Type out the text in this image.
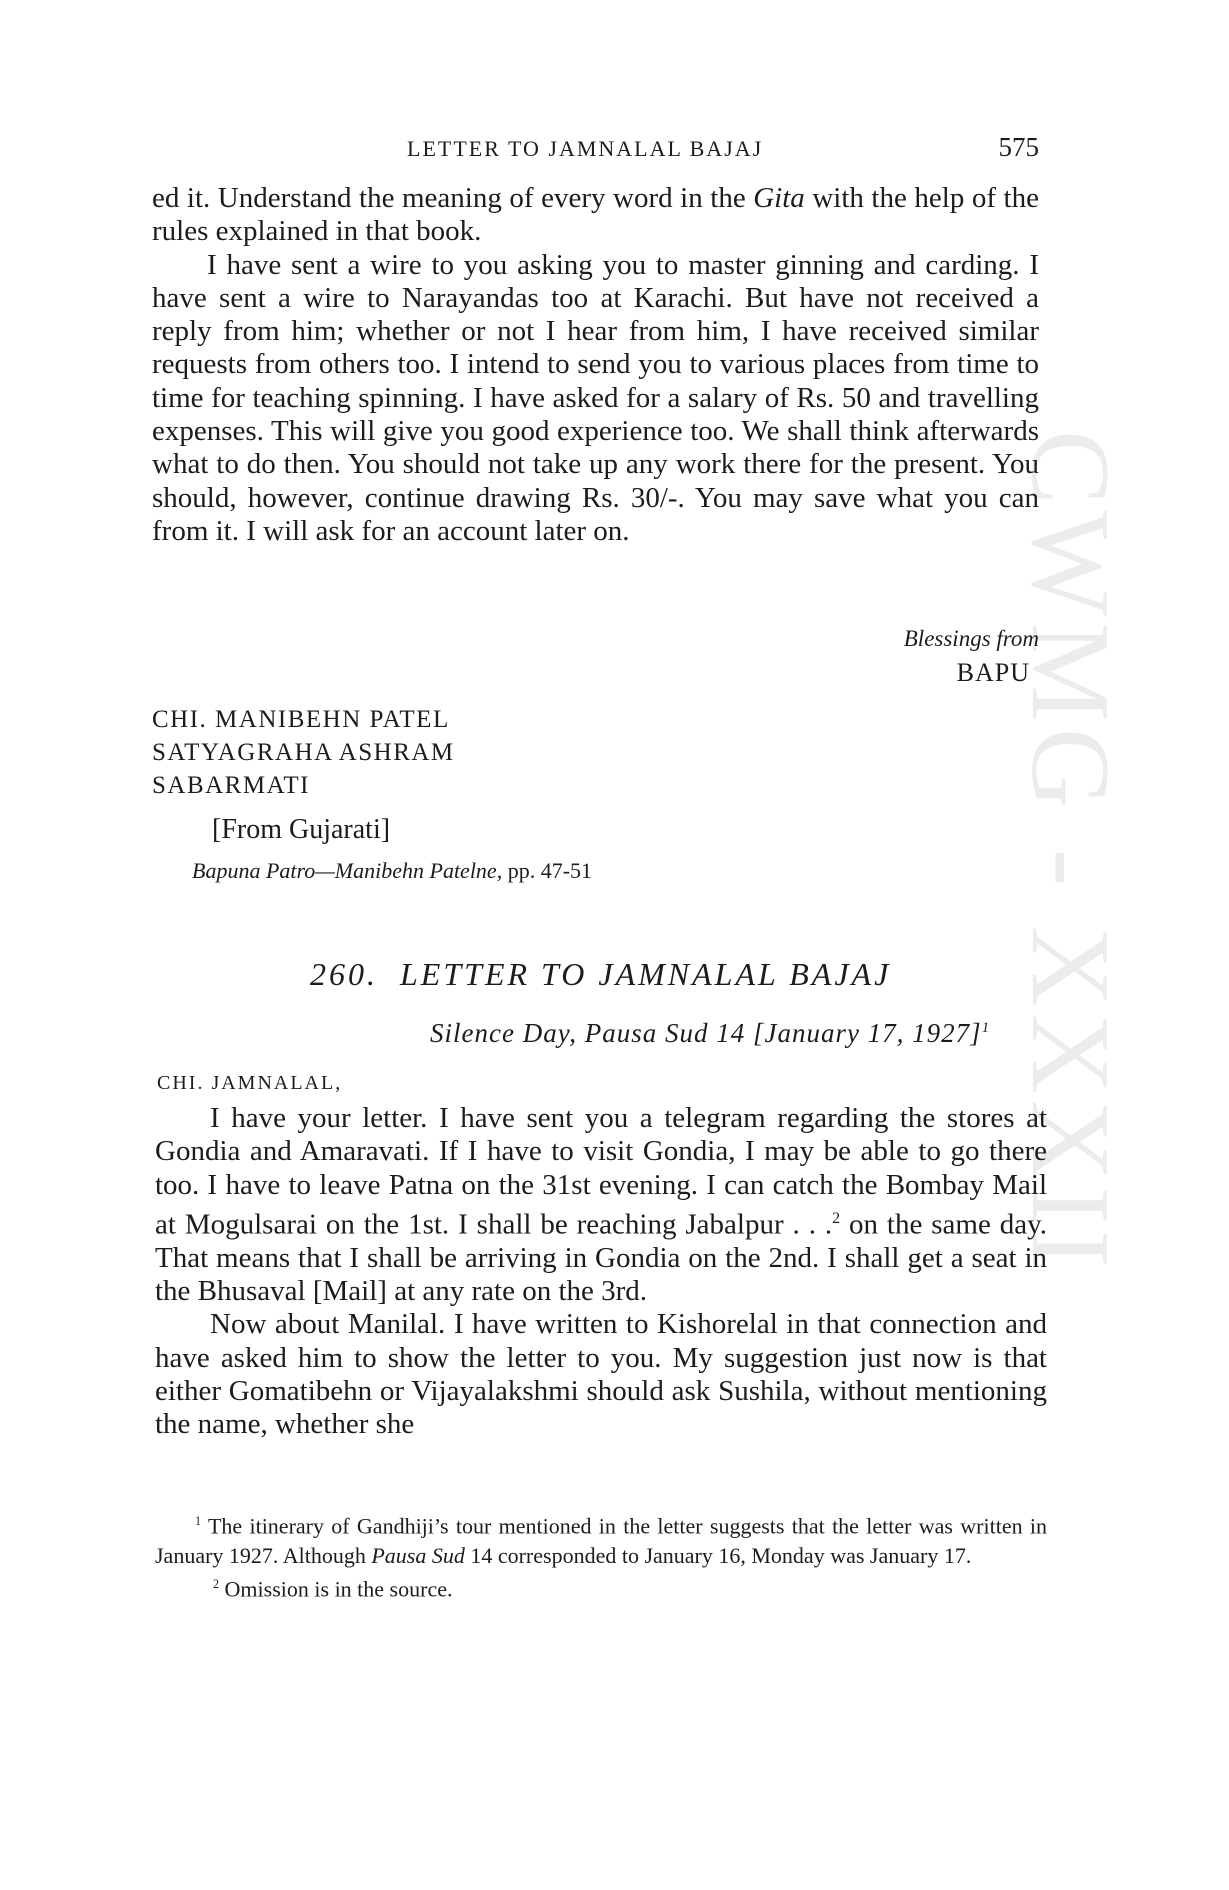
CWMG - XXXII
LETTER TO JAMNALAL BAJAJ	575

ed it. Understand the meaning of every word in the Gita with the help of the rules explained in that book.

I have sent a wire to you asking you to master ginning and carding. I have sent a wire to Narayandas too at Karachi. But have not received a reply from him; whether or not I hear from him, I have received similar requests from others too. I intend to send you to various places from time to time for teaching spinning. I have asked for a salary of Rs. 50 and travelling expenses. This will give you good experience too. We shall think afterwards what to do then. You should not take up any work there for the present. You should, however, continue drawing Rs. 30/-. You may save what you can from it. I will ask for an account later on.

Blessings from
BAPU
CHI. MANIBEHN PATEL
SATYAGRAHA ASHRAM
SABARMATI
[From Gujarati]
Bapuna Patro—Manibehn Patelne, pp. 47-51
260. LETTER TO JAMNALAL BAJAJ
Silence Day, Pausa Sud 14 [January 17, 1927]$^1$
CHI. JAMNALAL,

I have your letter. I have sent you a telegram regarding the stores at Gondia and Amaravati. If I have to visit Gondia, I may be able to go there too. I have to leave Patna on the 31st evening. I can catch the Bombay Mail at Mogulsarai on the 1st. I shall be reaching Jabalpur . . .$^2$ on the same day. That means that I shall be arriving in Gondia on the 2nd. I shall get a seat in the Bhusaval [Mail] at any rate on the 3rd.

Now about Manilal. I have written to Kishorelal in that connection and have asked him to show the letter to you. My suggestion just now is that either Gomatibehn or Vijayalakshmi should ask Sushila, without mentioning the name, whether she

$^1$ The itinerary of Gandhiji’s tour mentioned in the letter suggests that the letter was written in January 1927. Although Pausa Sud 14 corresponded to January 16, Monday was January 17.

$^2$ Omission is in the source.
